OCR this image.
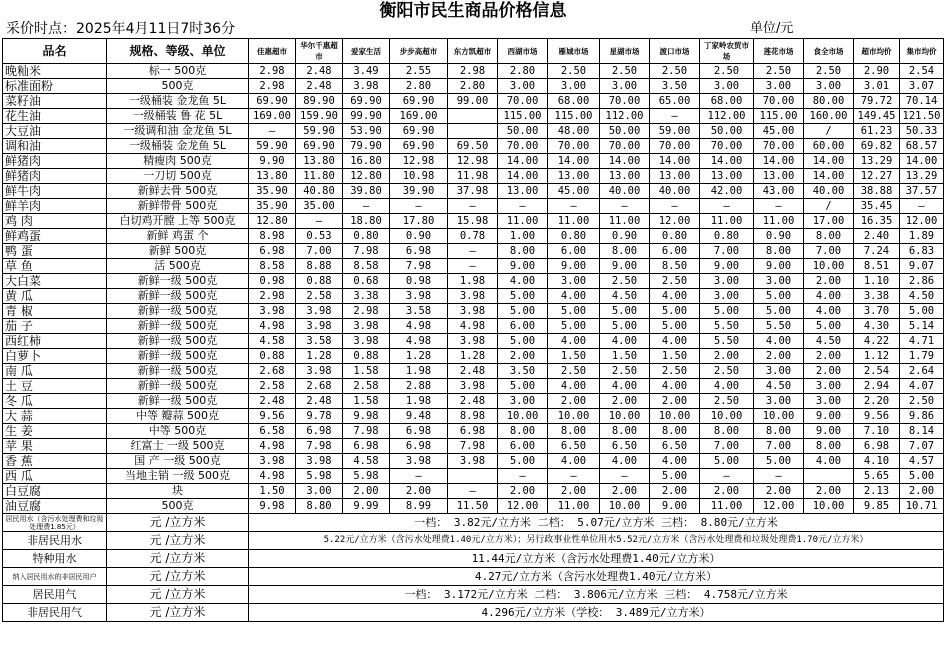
衡阳市民生商品价格信息
采价时点：2025年4月11日7时36分	单位/元
品名	规格、等级、单位	佳惠超市	华尔千惠超市	爱家生活	步步高超市	东方凯超市	西湖市场	雁城市场	星湖市场	渡口市场	丁家岭农贸市场	莲花市场	食全市场	超市均价	集市均价
晚籼米	标一 500克	2.98	2.48	3.49	2.55	2.98	2.80	2.50	2.50	2.50	2.50	2.50	2.50	2.90	2.54
标准面粉	500克	2.98	2.48	3.98	2.80	2.80	3.00	3.00	3.00	3.50	3.00	3.00	3.00	3.01	3.07
菜籽油	一级桶装 金龙鱼 5L	69.90	89.90	69.90	69.90	99.00	70.00	68.00	70.00	65.00	68.00	70.00	80.00	79.72	70.14
花生油	一级桶装 鲁 花 5L	169.00	159.90	99.90	169.00		115.00	115.00	112.00	—	112.00	115.00	160.00	149.45	121.50
大豆油	一级调和油 金龙鱼 5L	—	59.90	53.90	69.90		50.00	48.00	50.00	59.00	50.00	45.00	/	61.23	50.33
调和油	一级桶装 金龙鱼 5L	59.90	69.90	79.90	69.90	69.50	70.00	70.00	70.00	70.00	70.00	70.00	60.00	69.82	68.57
鲜猪肉	精瘦肉 500克	9.90	13.80	16.80	12.98	12.98	14.00	14.00	14.00	14.00	14.00	14.00	14.00	13.29	14.00
鲜猪肉	一刀切 500克	13.80	11.80	12.80	10.98	11.98	14.00	13.00	13.00	13.00	13.00	13.00	14.00	12.27	13.29
鲜牛肉	新鲜去骨 500克	35.90	40.80	39.80	39.90	37.98	13.00	45.00	40.00	40.00	42.00	43.00	40.00	38.88	37.57
鲜羊肉	新鲜带骨 500克	35.90	35.00	—	—	—	—	—	—	—	—	—	/	35.45	—
鸡 肉	白切鸡开膛 上等 500克	12.80	—	18.80	17.80	15.98	11.00	11.00	11.00	12.00	11.00	11.00	17.00	16.35	12.00
鲜鸡蛋	新鲜 鸡蛋 个	8.98	0.53	0.80	0.90	0.78	1.00	0.80	0.90	0.80	0.80	0.90	8.00	2.40	1.89
鸭 蛋	新鲜 500克	6.98	7.00	7.98	6.98	—	8.00	6.00	8.00	6.00	7.00	8.00	7.00	7.24	6.83
草 鱼	活 500克	8.58	8.88	8.58	7.98	—	9.00	9.00	9.00	8.50	9.00	9.00	10.00	8.51	9.07
大白菜	新鲜一级 500克	0.98	0.88	0.68	0.98	1.98	4.00	3.00	2.50	2.50	3.00	3.00	2.00	1.10	2.86
黄 瓜	新鲜一级 500克	2.98	2.58	3.38	3.98	3.98	5.00	4.00	4.50	4.00	3.00	5.00	4.00	3.38	4.50
青 椒	新鲜一级 500克	3.98	3.98	2.98	3.58	3.98	5.00	5.00	5.00	5.00	5.00	5.00	4.00	3.70	5.00
茄 子	新鲜一级 500克	4.98	3.98	3.98	4.98	4.98	6.00	5.00	5.00	5.00	5.50	5.50	5.00	4.30	5.14
西红柿	新鲜一级 500克	4.58	3.58	3.98	4.98	3.98	5.00	4.00	4.00	4.00	5.50	4.00	4.50	4.22	4.71
白萝卜	新鲜一级 500克	0.88	1.28	0.88	1.28	1.28	2.00	1.50	1.50	1.50	2.00	2.00	2.00	1.12	1.79
南 瓜	新鲜一级 500克	2.68	3.98	1.58	1.98	2.48	3.50	2.50	2.50	2.50	2.50	3.00	2.00	2.54	2.64
土 豆	新鲜一级 500克	2.58	2.68	2.58	2.88	3.98	5.00	4.00	4.00	4.00	4.00	4.50	3.00	2.94	4.07
冬 瓜	新鲜一级 500克	2.48	2.48	1.58	1.98	2.48	3.00	2.00	2.00	2.00	2.50	3.00	3.00	2.20	2.50
大 蒜	中等 瓣蒜 500克	9.56	9.78	9.98	9.48	8.98	10.00	10.00	10.00	10.00	10.00	10.00	9.00	9.56	9.86
生 姜	中等 500克	6.58	6.98	7.98	6.98	6.98	8.00	8.00	8.00	8.00	8.00	8.00	9.00	7.10	8.14
苹 果	红富士 一级 500克	4.98	7.98	6.98	6.98	7.98	6.00	6.50	6.50	6.50	7.00	7.00	8.00	6.98	7.07
香 蕉	国 产 一级 500克	3.98	3.98	4.58	3.98	3.98	5.00	4.00	4.00	4.00	5.00	5.00	4.00	4.10	4.57
西 瓜	当地主销 一级 500克	4.98	5.98	5.98	—		—	—	—	5.00	—	—		5.65	5.00
白豆腐	块	1.50	3.00	2.00	2.00	—	2.00	2.00	2.00	2.00	2.00	2.00	2.00	2.13	2.00
油豆腐	500克	9.98	8.80	9.99	8.99	11.50	12.00	11.00	10.00	9.00	11.00	12.00	10.00	9.85	10.71
居民用水（含污水处理费和垃圾处理费1.85元）	元 /立方米	一档： 3.82元/立方米 二档： 5.07元/立方米 三档： 8.80元/立方米													
非居民用水	元 /立方米	5.22元/立方米（含污水处理费1.40元/立方米）；另行政事业性单位用水5.52元/立方米（含污水处理费和垃圾处理费1.70元/立方米）													
特种用水	元 /立方米	11.44元/立方米（含污水处理费1.40元/立方米）													
纳入居民用水的非居民用户	元 /立方米	4.27元/立方米（含污水处理费1.40元/立方米）													
居民用气	元 /立方米	一档： 3.172元/立方米 二档： 3.806元/立方米 三档： 4.758元/立方米													
非居民用气	元 /立方米	4.296元/立方米（学校： 3.489元/立方米）													
